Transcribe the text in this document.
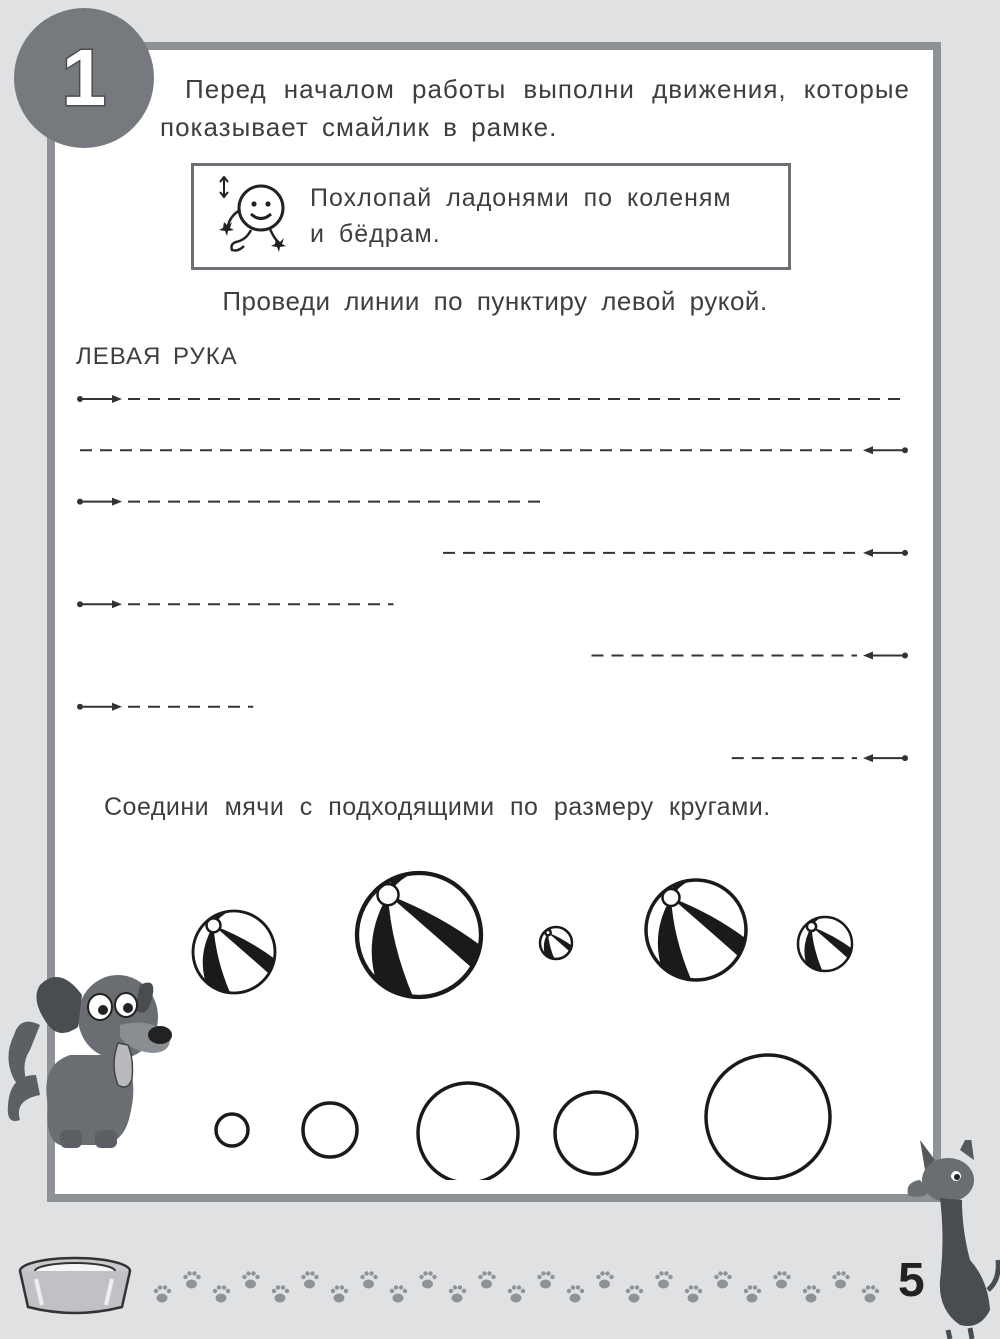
1	Перед началом работы выполни движения, которые
показывает смайлик в рамке.
Похлопай ладонями по коленям
и бёдрам.
Проведи линии по пунктиру левой рукой.
ЛЕВАЯ РУКА
Соедини мячи с подходящими по размеру кругами.
5
